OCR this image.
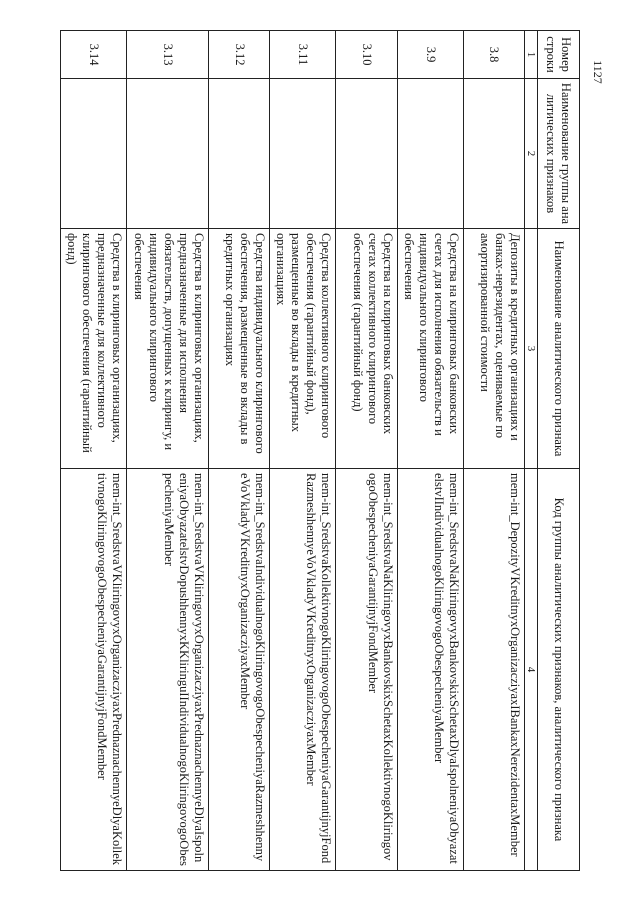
1127
Номер строки	Наименование группы аналитических признаков	Наименование аналитического признака	Код группы аналитических признаков, аналитического признака
1	2	3	4
3.8		Депозиты в кредитных организациях и банках-нерезидентах, оцениваемые по амортизированной стоимости	mem-int_DepozityVKreditnyxOrganizacziyaxIBankaxNerezidentaxMember
3.9		Средства на клиринговых банковских счетах для исполнения обязательств и индивидуального клирингового обеспечения	mem-int_SredstvaNaKliringovyxBankovskixSchetaxDlyaIspolneniyaObyazatelstvIIndividualnogoKliringovogoObespecheniyaMember
3.10		Средства на клиринговых банковских счетах коллективного клирингового обеспечения (гарантийный фонд)	mem-int_SredstvaNaKliringovyxBankovskixSchetaxKollektivnogoKliringovogoObespecheniyaGarantijnyjFondMember
3.11		Средства коллективного клирингового обеспечения (гарантийный фонд), размещенные во вклады в кредитных организациях	mem-int_SredstvaKollektivnogoKliringovogoObespecheniyaGarantijnyjFondRazmeshhennyeVoVkladyVKreditnyxOrganizacziyaxMember
3.12		Средства индивидуального клирингового обеспечения, размещенные во вклады в кредитных организациях	mem-int_SredstvaIndividualnogoKliringovogoObespecheniyaRazmeshhennyeVoVkladyVKreditnyxOrganizacziyaxMember
3.13		Средства в клиринговых организациях, предназначенные для исполнения обязательств, допущенных к клирингу, и индивидуального клирингового обеспечения	mem-int_SredstvaVKliringovyxOrganizacziyaxPrednaznachennyeDlyaIspolneniyaObyazatelstvDopushhennyxKKliringuIIndividualnogoKliringovogoObespecheniyaMember
3.14		Средства в клиринговых организациях, предназначенные для коллективного клирингового обеспечения (гарантийный фонд)	mem-int_SredstvaVKliringovyxOrganizacziyaxPrednaznachennyeDlyaKollektivnogoKliringovogoObespecheniyaGarantijnyjFondMember
